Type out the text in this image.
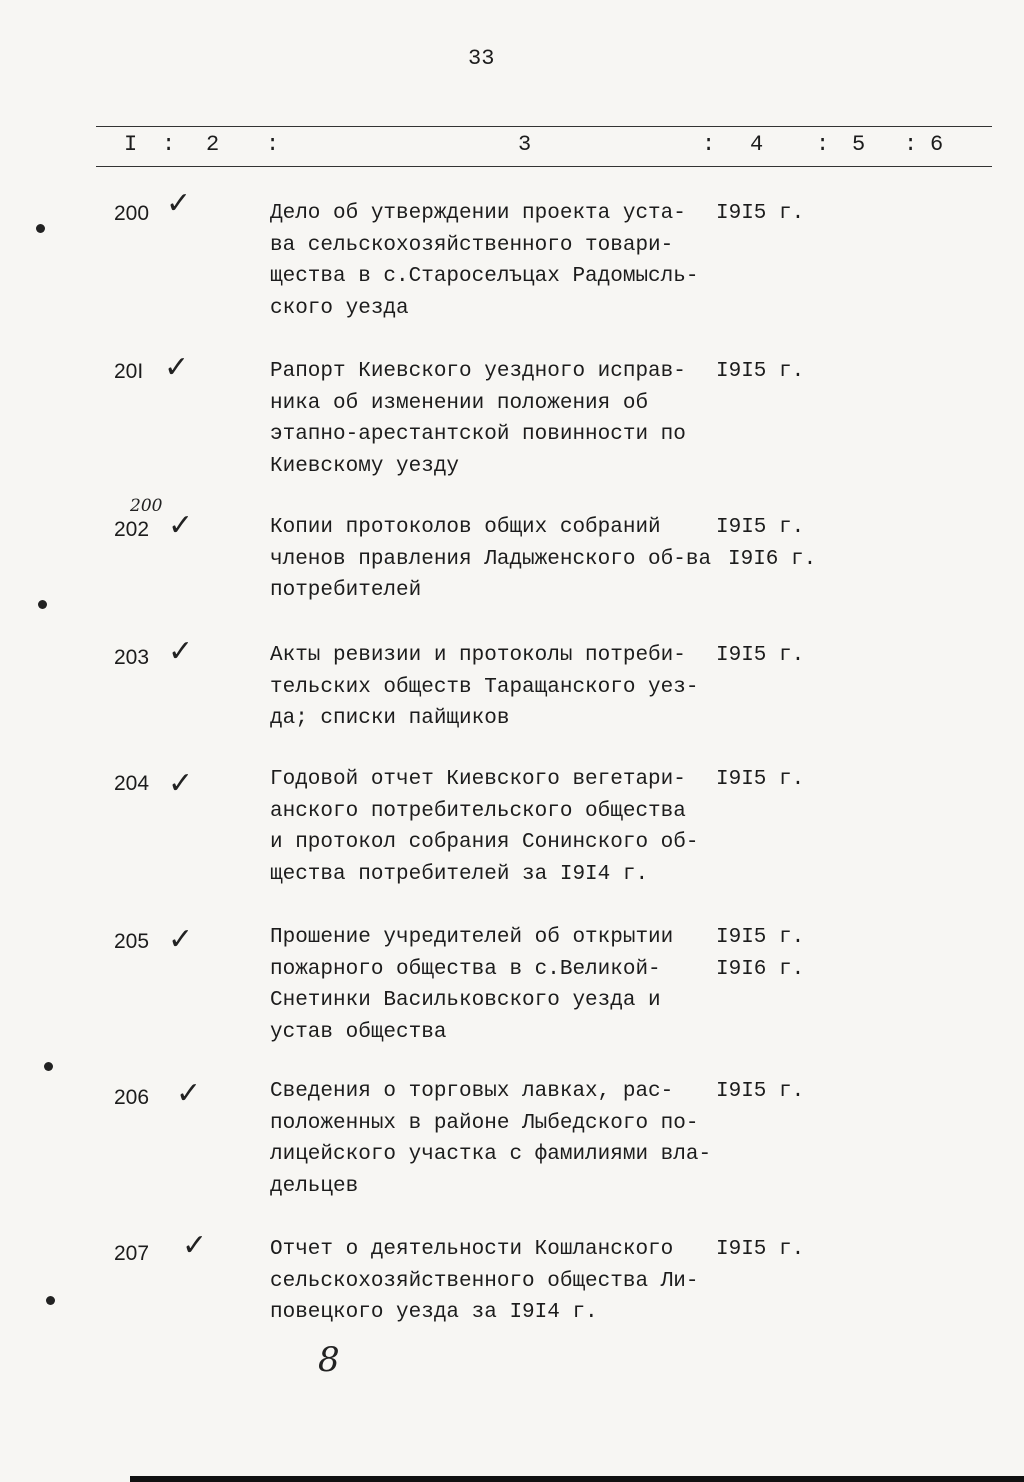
33
I : 2 :	3	: 4 : 5 : 6
200 ✓	Дело об утверждении проекта уста-
ва сельскохозяйственного товари-
щества в с.Староселъцах Радомысль-
ского уезда
I9I5 г.
20I ✓	Рапорт Киевского уездного исправ-
ника об изменении положения об
этапно-арестантской повинности по
Киевскому уезду
I9I5 г.
200
202 ✓	Копии протоколов общих собраний
членов правления Ладыженского об-ва
потребителей
I9I5 г.
I9I6 г.
203 ✓	Акты ревизии и протоколы потреби-
тельских обществ Таращанского уез-
да; списки пайщиков
I9I5 г.
204 ✓	Годовой отчет Киевского вегетари-
анского потребительского общества
и протокол собрания Сонинского об-
щества потребителей за I9I4 г.
I9I5 г.
205 ✓	Прошение учредителей об открытии
пожарного общества в с.Великой-
Снетинки Васильковского уезда и
устав общества
I9I5 г.
I9I6 г.
206 ✓	Сведения о торговых лавках, рас-
положенных в районе Лыбедского по-
лицейского участка с фамилиями вла-
дельцев
I9I5 г.
207 ✓	Отчет о деятельности Кошланского
сельскохозяйственного общества Ли-
повецкого уезда за I9I4 г.
I9I5 г.
8
